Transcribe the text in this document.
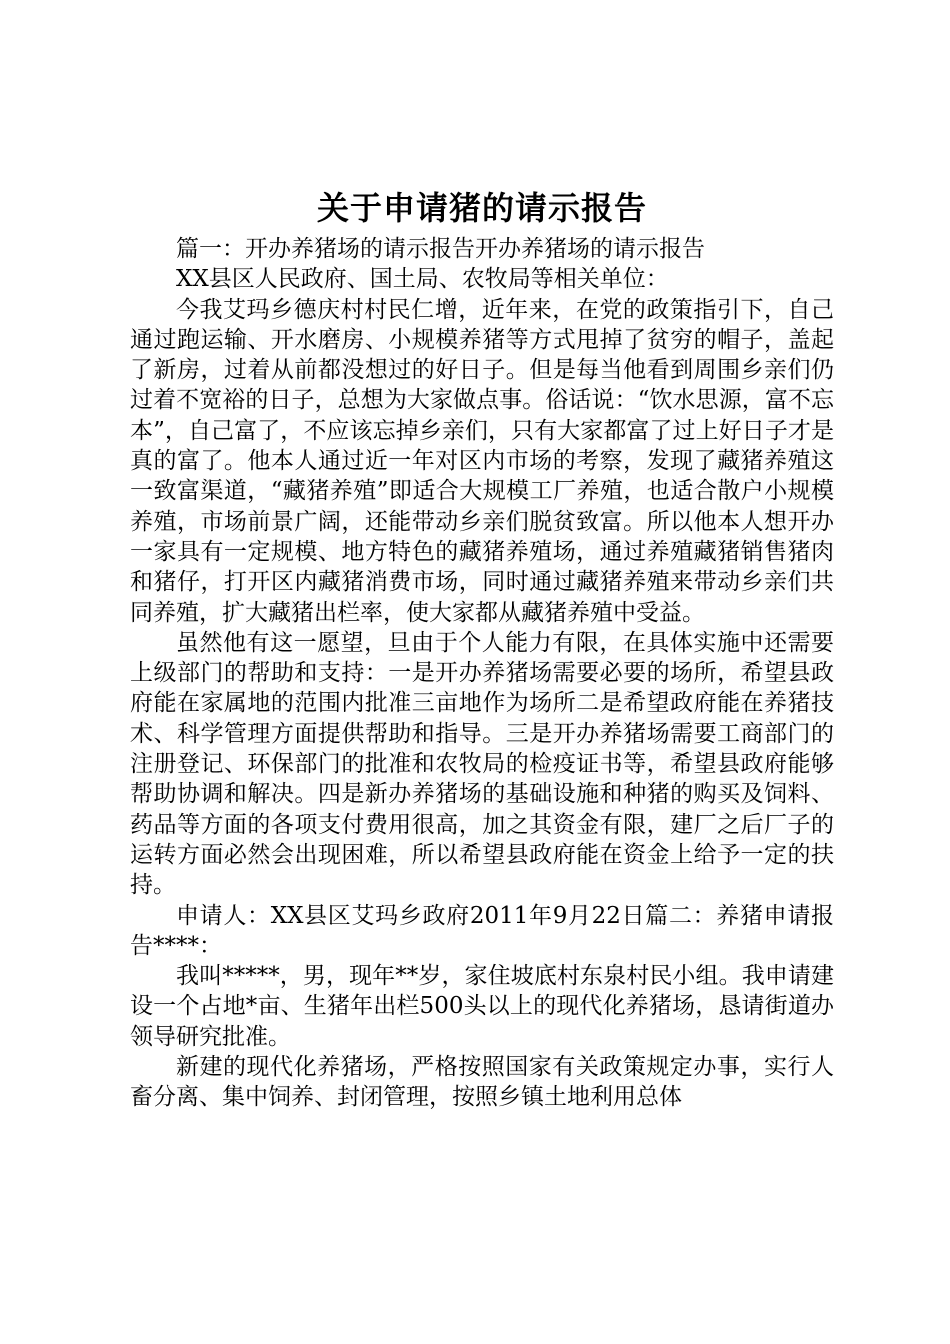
关于申请猪的请示报告

篇一：开办养猪场的请示报告开办养猪场的请示报告

XX县区人民政府、国土局、农牧局等相关单位：

今我艾玛乡德庆村村民仁增，近年来，在党的政策指引下，自己通过跑运输、开水磨房、小规模养猪等方式甩掉了贫穷的帽子，盖起了新房，过着从前都没想过的好日子。但是每当他看到周围乡亲们仍过着不宽裕的日子，总想为大家做点事。俗话说：“饮水思源，富不忘本”，自己富了，不应该忘掉乡亲们，只有大家都富了过上好日子才是真的富了。他本人通过近一年对区内市场的考察，发现了藏猪养殖这一致富渠道，“藏猪养殖”即适合大规模工厂养殖，也适合散户小规模养殖，市场前景广阔，还能带动乡亲们脱贫致富。所以他本人想开办一家具有一定规模、地方特色的藏猪养殖场，通过养殖藏猪销售猪肉和猪仔，打开区内藏猪消费市场，同时通过藏猪养殖来带动乡亲们共同养殖，扩大藏猪出栏率，使大家都从藏猪养殖中受益。

虽然他有这一愿望，旦由于个人能力有限，在具体实施中还需要上级部门的帮助和支持：一是开办养猪场需要必要的场所，希望县政府能在家属地的范围内批准三亩地作为场所二是希望政府能在养猪技术、科学管理方面提供帮助和指导。三是开办养猪场需要工商部门的注册登记、环保部门的批准和农牧局的检疫证书等，希望县政府能够帮助协调和解决。四是新办养猪场的基础设施和种猪的购买及饲料、药品等方面的各项支付费用很高，加之其资金有限，建厂之后厂子的运转方面必然会出现困难，所以希望县政府能在资金上给予一定的扶持。

申请人：XX县区艾玛乡政府2011年9月22日篇二：养猪申请报告****：

我叫*****，男，现年**岁，家住坡底村东泉村民小组。我申请建设一个占地*亩、生猪年出栏500头以上的现代化养猪场，恳请街道办领导研究批准。

新建的现代化养猪场，严格按照国家有关政策规定办事，实行人畜分离、集中饲养、封闭管理，按照乡镇土地利用总体
